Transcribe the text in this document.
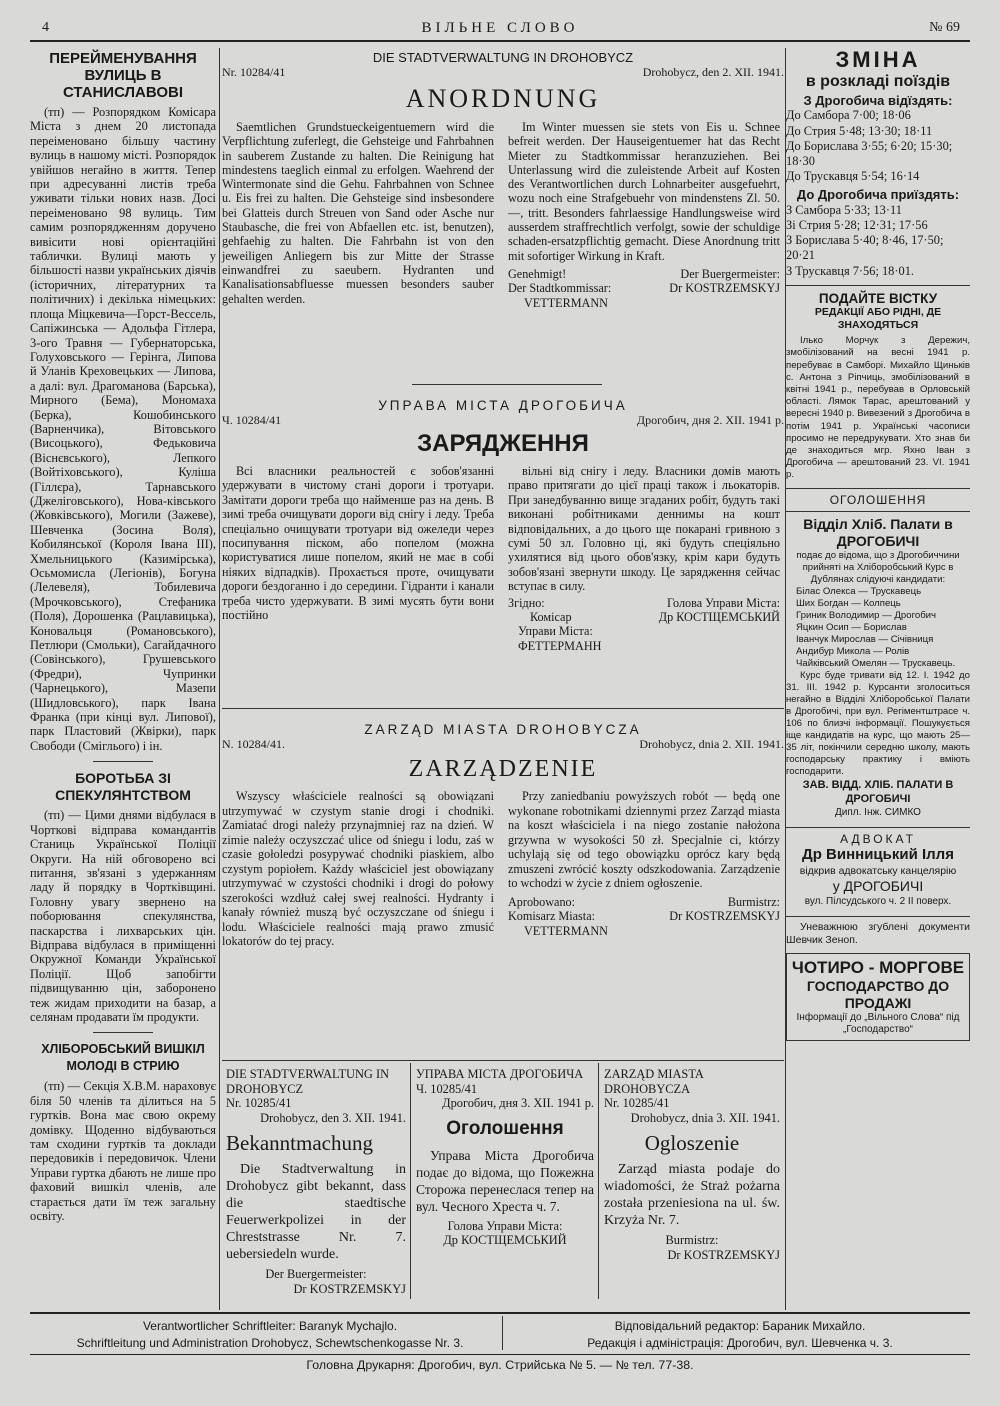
4	ВІЛЬНЕ СЛОВО	№ 69
ПЕРЕЙМЕНУВАННЯ ВУЛИЦЬ В СТАНИСЛАВОВІ

(тп) — Розпорядком Комісара Міста з днем 20 листопада переіменовано більшу частину вулиць в нашому місті. Розпорядок увійшов негайно в життя. Тепер при адресуванні листів треба уживати тільки нових назв. Досі переіменовано 98 вулиць. Тим самим розпорядженням доручено вивісити нові орієнтаційні таблички. Вулиці мають у більшості назви українських діячів (історичних, літературних та політичних) і декілька німецьких: площа Міцкевича—Горст-Вессель, Сапіжинська — Адольфа Гітлера, 3-ого Травня — Губернаторська, Голуховського — Герінга, Липова й Уланів Креховецьких — Липова, а далі: вул. Драгоманова (Барська), Мирного (Бема), Мономаха (Берка), Кошобинського (Варненчика), Вітовського (Висоцького), Федьковича (Віснєвського), Лепкого (Войтіховського), Куліша (Гіллєра), Тарнавського (Джеліговського), Нова-ківського (Жовківського), Могили (Зажеве), Шевченка (Зосина Воля), Кобилянської (Короля Івана III), Хмельницького (Казимірська), Осьмомисла (Легіонів), Богуна (Лелевеля), Тобилевича (Мрочковського), Стефаника (Поля), Дорошенка (Рацлавицька), Коновальця (Романовського), Петлюри (Смольки), Сагайдачного (Совінського), Грушевського (Фредри), Чупринки (Чарнецького), Мазепи (Шидловського), парк Івана Франка (при кінці вул. Липової), парк Пластовий (Жвірки), парк Свободи (Сміглього) і ін.

БОРОТЬБА ЗІ СПЕКУЛЯНТСТВОМ

(тп) — Цими днями відбулася в Чорткові відправа командантів Станиць Української Поліції Округи. На ній обговорено всі питання, зв'язані з удержанням ладу й порядку в Чортківщині. Головну увагу звернено на поборювання спекулянства, паскарства і лихварських цін. Відправа відбулася в приміщенні Окружної Команди Української Поліції. Щоб запобігти підвищуванню цін, заборонено теж жидам приходити на базар, а селянам продавати їм продукти.

ХЛІБОРОБСЬКИЙ ВИШКІЛ МОЛОДІ В СТРИЮ

(тп) — Секція Х.В.М. нараховує біля 50 членів та ділиться на 5 гуртків. Вона має свою окрему домівку. Щоденно відбуваються там сходини гуртків та доклади передовиків і передовичок. Члени Управи гуртка дбають не лише про фаховий вишкіл членів, але старається дати їм теж загальну освіту.

DIE STADTVERWALTUNG IN DROHOBYCZ
Nr. 10284/41	Drohobycz, den 2. XII. 1941.
ANORDNUNG

Saemtlichen Grundstueckeigentuemern wird die Verpflichtung zuferlegt, die Gehsteige und Fahrbahnen in sauberem Zustande zu halten. Die Reinigung hat mindestens taeglich einmal zu erfolgen. Waehrend der Wintermonate sind die Gehu. Fahrbahnen von Schnee u. Eis frei zu halten. Die Gehsteige sind insbesondere bei Glatteis durch Streuen von Sand oder Asche nur Staubasche, die frei von Abfaellen etc. ist, benutzen), gehfaehig zu halten. Die Fahrbahn ist von den jeweiligen Anliegern bis zur Mitte der Strasse einwandfrei zu saeubern. Hydranten und Kanalisationsabfluesse muessen besonders sauber gehalten werden.

Im Winter muessen sie stets von Eis u. Schnee befreit werden. Der Hauseigentuemer hat das Recht Mieter zu Stadtkommissar heranzuziehen. Bei Unterlassung wird die zuleistende Arbeit auf Kosten des Verantwortlichen durch Lohnarbeiter ausgefuehrt, wozu noch eine Strafgebuehr von mindenstens Zl. 50.—, tritt. Besonders fahrlaessige Handlungsweise wird ausserdem straffrechtlich verfolgt, sowie der schuldige schaden-ersatzpflichtig gemacht. Diese Anordnung tritt mit sofortiger Wirkung in Kraft.

Genehmigt!	Der Buergermeister:
Der Stadtkommissar:	Dr KOSTRZEMSKYJ
VETTERMANN
УПРАВА МІСТА ДРОГОБИЧА
Ч. 10284/41	Дрогобич, дня 2. XII. 1941 р.
ЗАРЯДЖЕННЯ

Всі власники реальностей є зобов'язанні удержувати в чистому стані дороги і тротуари. Замітати дороги треба що найменше раз на день. В зимі треба очищувати дороги від снігу і леду. Треба спеціально очищувати тротуари від ожеледи через посипування піском, або попелом (можна користуватися лише попелом, який не має в собі ніяких відпадків). Прохається проте, очищувати дороги бездоганно і до середини. Гідранти і канали треба чисто удержувати. В зимі мусять бути вони постійно

вільні від снігу і леду. Власники домів мають право притягати до цієї праці також і льокаторів. При занедбуванню вище згаданих робіт, будуть такі виконані робітниками деннимы на кошт відповідальних, а до цього ще покарані гривною з сумі 50 зл. Головно ці, які будуть спеціяльно ухилятися від цього обов'язку, крім кари будуть зобов'язані звернути шкоду. Це зарядження сейчас вступає в силу.

Згідно:	Голова Управи Міста:
Комісар	Др КОСТЩЕМСЬКИЙ
Управи Міста:
ФЕТТЕРМАНН
ZARZĄD MIASTA DROHOBYCZA
N. 10284/41.	Drohobycz, dnia 2. XII. 1941.
ZARZĄDZENIE

Wszyscy właściciele realności są obowiązani utrzymywać w czystym stanie drogi i chodniki. Zamiatać drogi należy przynajmniej raz na dzień. W zimie należy oczyszczać ulice od śniegu i lodu, zaś w czasie gołoledzi posypywać chodniki piaskiem, albo czystym popiołem. Każdy właściciel jest obowiązany utrzymywać w czystości chodniki i drogi do połowy szerokości wzdłuż całej swej realności. Hydranty i kanały również muszą być oczyszczane od śniegu i lodu. Właściciele realności mają prawo zmusić lokatorów do tej pracy.

Przy zaniedbaniu powyższych robót — będą one wykonane robotnikami dziennymi przez Zarząd miasta na koszt właściciela i na niego zostanie nałożona grzywna w wysokości 50 zł. Specjalnie ci, którzy uchylają się od tego obowiązku oprócz kary będą zmuszeni zwrócić koszty odszkodowania. Zarządzenie to wchodzi w życie z dniem ogłoszenie.

Aprobowano:	Burmistrz:
Komisarz Miasta:	Dr KOSTRZEMSKYJ
VETTERMANN
DIE STADTVERWALTUNG IN DROHOBYCZ
Nr. 10285/41
Drohobycz, den 3. XII. 1941.
Bekanntmachung

Die Stadtverwaltung in Drohobycz gibt bekannt, dass die staedtische Feuerwerkpolizei in der Chreststrasse Nr. 7. uebersiedeln wurde.

Der Buergermeister:
Dr KOSTRZEMSKYJ
УПРАВА МІСТА ДРОГОБИЧА
Ч. 10285/41
Дрогобич, дня 3. XII. 1941 р.
Оголошення

Управа Міста Дрогобича подає до відома, що Пожежна Сторожа перенеслася тепер на вул. Чесного Хреста ч. 7.

Голова Управи Міста:
Др КОСТЩЕМСЬКИЙ
ZARZĄD MIASTA DROHOBYCZA
Nr. 10285/41
Drohobycz, dnia 3. XII. 1941.
Ogloszenie

Zarząd miasta podaje do wiadomości, że Straż pożarna została przeniesiona na ul. św. Krzyża Nr. 7.

Burmistrz:
Dr KOSTRZEMSKYJ
ЗМІНА
в розкладі поїздів
З Дрогобича відїздять:
До Самбора 7·00; 18·06
До Стрия 5·48; 13·30; 18·11
До Борислава 3·55; 6·20; 15·30; 18·30
До Трускавця 5·54; 16·14
До Дрогобича приїздять:
З Самбора 5·33; 13·11
Зі Стрия 5·28; 12·31; 17·56
З Борислава 5·40; 8·46, 17·50; 20·21
З Трускавця 7·56; 18·01.
ПОДАЙТЕ ВІСТКУ
РЕДАКЦІЇ АБО РІДНІ, ДЕ ЗНАХОДЯТЬСЯ

Ілько Морчук з Дережич, змобілізований на весні 1941 р. перебуває в Самборі. Михайло Щиньків с. Антона з Ріпчиць, змобілізований в квітні 1941 р., перебував в Орловській області. Лямок Тарас, арештований у вересні 1940 р. Вивезений з Дрогобича в потім 1941 р. Українські часописи просимо не передрукувати. Хто знав би де знаходиться мгр. Яхно Іван з Дрогобича — арештований 23. VI. 1941 р.

ОГОЛОШЕННЯ
Відділ Хліб. Палати в ДРОГОБИЧІ

подає до відома, що з Дрогобиччини прийняті на Хліборобський Курс в Дублянах слідуючі кандидати:

Білас Олекса — Трускавець
Ших Богдан — Колпець
Гриник Володимир — Дрогобич
Яцкин Осип — Борислав
Іванчук Мирослав — Січівниця
Андибур Микола — Ролів
Чайківський Омелян — Трускавець.

Курс буде тривати від 12. I. 1942 до 31. III. 1942 р. Курсанти зголоситься негайно в Відділі Хліборобської Палати в Дрогобичі, при вул. Регіментштрасе ч. 106 по близчі інформації. Пошукується іще кандидатів на курс, що мають 25—35 літ, покінчили середню школу, мають господарську практику і вміють господарити.

ЗАВ. ВІДД. ХЛІБ. ПАЛАТИ В ДРОГОБИЧІ
Дипл. Інж. СИМКО
АДВОКАТ
Др Винницький Ілля
відкрив адвокатську канцелярію
у ДРОГОБИЧІ
вул. Пілсудського ч. 2 II поверх.

Уневажнюю згублені документи Шевчик Зеноп.

ЧОТИРО - МОРГОВЕ
ГОСПОДАРСТВО ДО ПРОДАЖІ
Інформації до „Вільного Слова“ під „Господарство“
Verantwortlicher Schriftleiter: Baranyk Mychajlo.
Schriftleitung und Administration Drohobycz, Schewtschenkogasse Nr. 3.
Відповідальний редактор: Бараник Михайло.
Редакція і адміністрація: Дрогобич, вул. Шевченка ч. 3.
Головна Друкарня: Дрогобич, вул. Стрийська № 5. — № тел. 77-38.
